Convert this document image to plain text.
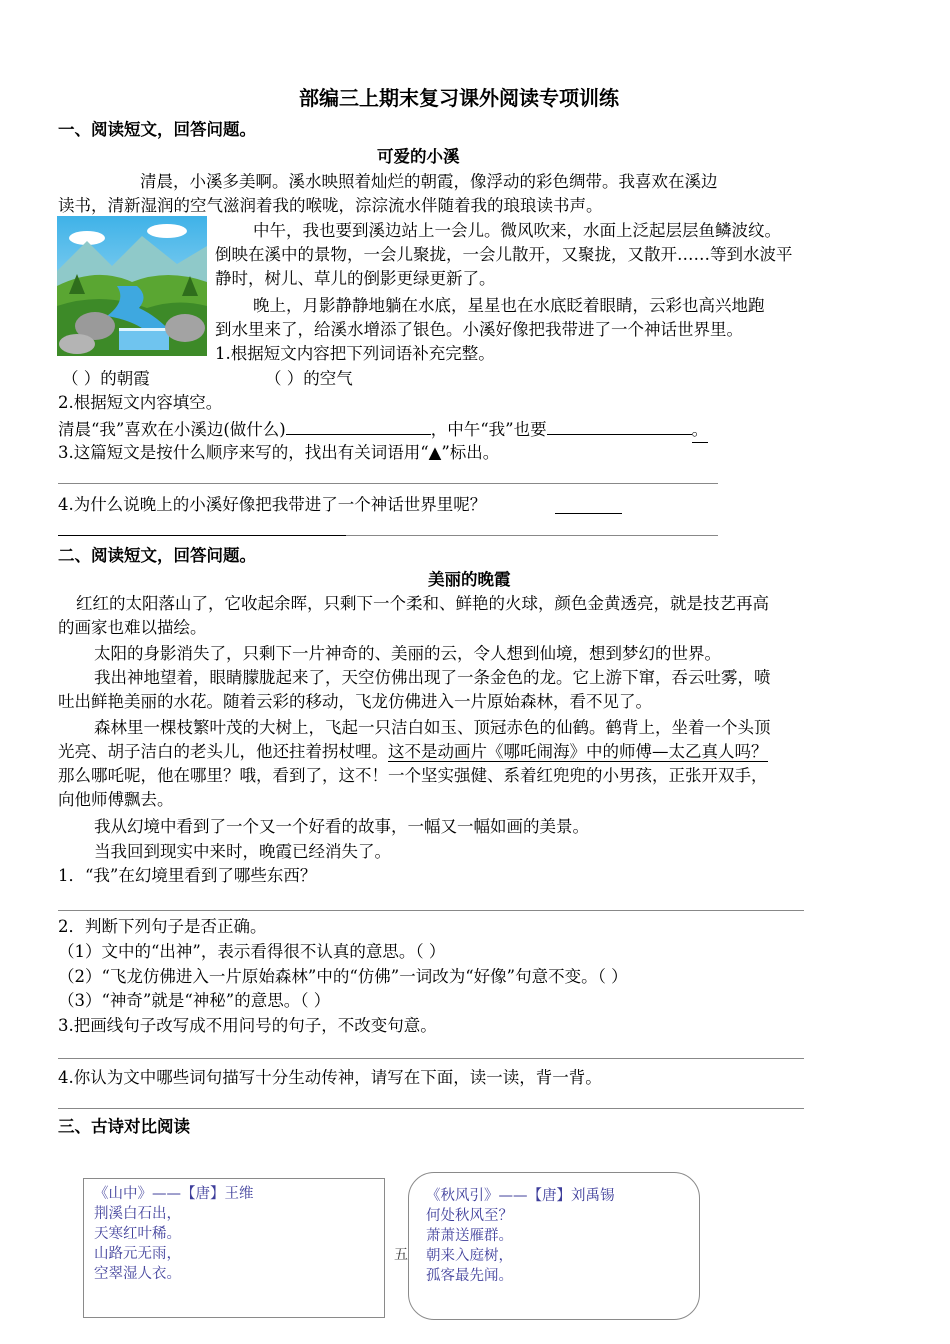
部编三上期末复习课外阅读专项训练
一、阅读短文，回答问题。
可爱的小溪
清晨，小溪多美啊。溪水映照着灿烂的朝霞，像浮动的彩色绸带。我喜欢在溪边
读书，清新湿润的空气滋润着我的喉咙，淙淙流水伴随着我的琅琅读书声。
中午，我也要到溪边站上一会儿。微风吹来，水面上泛起层层鱼鳞波纹。
倒映在溪中的景物，一会儿聚拢，一会儿散开，又聚拢，又散开……等到水波平
静时，树儿、草儿的倒影更绿更新了。
晚上，月影静静地躺在水底，星星也在水底眨着眼睛，云彩也高兴地跑
到水里来了，给溪水增添了银色。小溪好像把我带进了一个神话世界里。
1.根据短文内容把下列词语补充完整。
（ ）的朝霞	（ ）的空气
2.根据短文内容填空。
清晨“我”喜欢在小溪边(做什么)	，中午“我”也要	。
3.这篇短文是按什么顺序来写的，找出有关词语用“▲”标出。
4.为什么说晚上的小溪好像把我带进了一个神话世界里呢？
二、阅读短文，回答问题。
美丽的晚霞
红红的太阳落山了，它收起余晖，只剩下一个柔和、鲜艳的火球，颜色金黄透亮，就是技艺再高
的画家也难以描绘。
太阳的身影消失了，只剩下一片神奇的、美丽的云，令人想到仙境，想到梦幻的世界。
我出神地望着，眼睛朦胧起来了，天空仿佛出现了一条金色的龙。它上游下窜，吞云吐雾，喷
吐出鲜艳美丽的水花。随着云彩的移动，飞龙仿佛进入一片原始森林，看不见了。
森林里一棵枝繁叶茂的大树上，飞起一只洁白如玉、顶冠赤色的仙鹤。鹤背上，坐着一个头顶
光亮、胡子洁白的老头儿，他还拄着拐杖哩。这不是动画片《哪吒闹海》中的师傅—太乙真人吗？
那么哪吒呢，他在哪里？哦，看到了，这不！一个坚实强健、系着红兜兜的小男孩，正张开双手，
向他师傅飘去。
我从幻境中看到了一个又一个好看的故事，一幅又一幅如画的美景。
当我回到现实中来时，晚霞已经消失了。
1．“我”在幻境里看到了哪些东西？
2．判断下列句子是否正确。
（1）文中的“出神”，表示看得很不认真的意思。（ ）
（2）“飞龙仿佛进入一片原始森林”中的“仿佛”一词改为“好像”句意不变。（ ）
（3）“神奇”就是“神秘”的意思。（ ）
3.把画线句子改写成不用问号的句子，不改变句意。
4.你认为文中哪些词句描写十分生动传神，请写在下面，读一读，背一背。
三、古诗对比阅读
《山中》——【唐】王维
荆溪白石出，
天寒红叶稀。
山路元无雨，
空翠湿人衣。
五
《秋风引》——【唐】刘禹锡
何处秋风至？
萧萧送雁群。
朝来入庭树，
孤客最先闻。
